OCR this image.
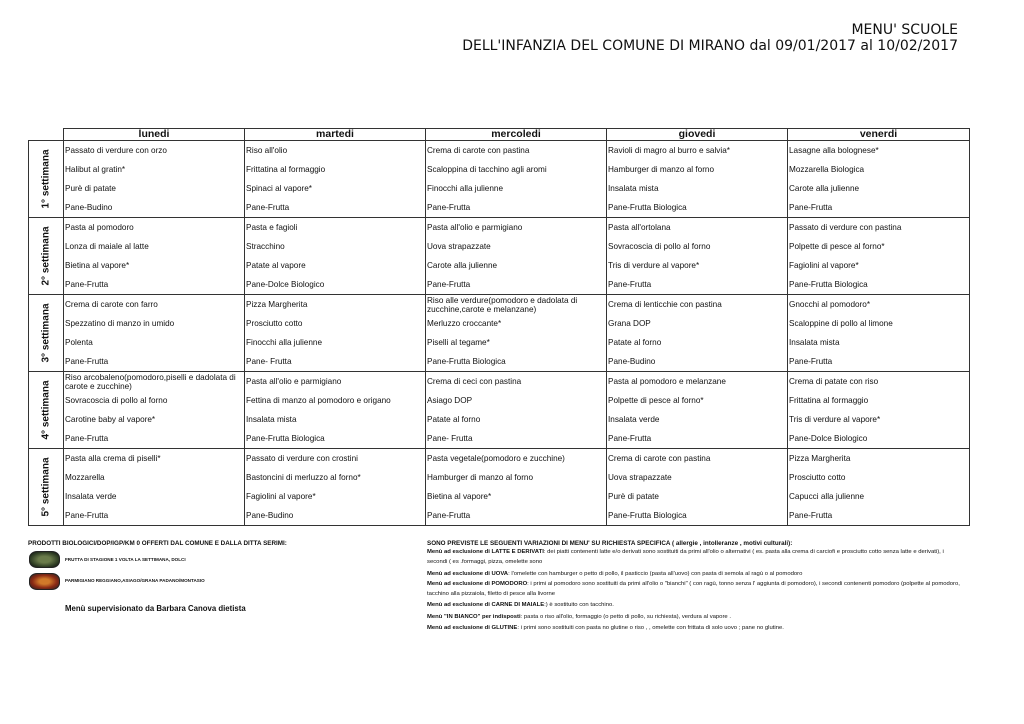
MENU' SCUOLE
DELL'INFANZIA DEL COMUNE DI MIRANO dal 09/01/2017 al 10/02/2017
	lunedi	martedi	mercoledi	giovedi	venerdi

1° settimana	Passato di verdure con orzo	Riso all'olio	Crema di carote con pastina	Ravioli di magro al burro e salvia*	Lasagne alla bolognese*
	Halibut al gratin*	Frittatina al formaggio	Scaloppina di tacchino agli aromi	Hamburger di manzo al forno	Mozzarella Biologica
	Purè di patate	Spinaci al vapore*	Finocchi alla julienne	Insalata mista	Carote alla julienne
	Pane-Budino	Pane-Frutta	Pane-Frutta	Pane-Frutta Biologica	Pane-Frutta

2° settimana	Pasta al pomodoro	Pasta e fagioli	Pasta all'olio e parmigiano	Pasta all'ortolana	Passato di verdure con pastina
	Lonza di maiale al latte	Stracchino	Uova strapazzate	Sovracoscia di pollo al forno	Polpette di pesce al forno*
	Bietina al vapore*	Patate al vapore	Carote alla julienne	Tris di verdure al vapore*	Fagiolini al vapore*
	Pane-Frutta	Pane-Dolce Biologico	Pane-Frutta	Pane-Frutta	Pane-Frutta Biologica

3° settimana	Crema di carote con farro	Pizza Margherita	Riso alle verdure(pomodoro e dadolata di zucchine,carote e melanzane)	Crema di lenticchie con pastina	Gnocchi al pomodoro*
	Spezzatino di manzo in umido	Prosciutto cotto	Merluzzo croccante*	Grana DOP	Scaloppine di pollo al limone
	Polenta	Finocchi alla julienne	Piselli al tegame*	Patate al forno	Insalata mista
	Pane-Frutta	Pane- Frutta	Pane-Frutta Biologica	Pane-Budino	Pane-Frutta

4° settimana	Riso arcobaleno(pomodoro,piselli e dadolata di carote e zucchine)	Pasta all'olio e parmigiano	Crema di ceci con pastina	Pasta al pomodoro e melanzane	Crema di patate con riso
	Sovracoscia di pollo al forno	Fettina di manzo al pomodoro e origano	Asiago DOP	Polpette di pesce al forno*	Frittatina al formaggio
	Carotine baby al vapore*	Insalata mista	Patate al forno	Insalata verde	Tris di verdure al vapore*
	Pane-Frutta	Pane-Frutta Biologica	Pane- Frutta	Pane-Frutta	Pane-Dolce Biologico

5° settimana	Pasta alla crema di piselli*	Passato di verdure con crostini	Pasta vegetale(pomodoro e zucchine)	Crema di carote con pastina	Pizza Margherita
	Mozzarella	Bastoncini di merluzzo al forno*	Hamburger di manzo al forno	Uova strapazzate	Prosciutto cotto
	Insalata verde	Fagiolini al vapore*	Bietina al vapore*	Purè di patate	Capucci alla julienne
	Pane-Frutta	Pane-Budino	Pane-Frutta	Pane-Frutta Biologica	Pane-Frutta
PRODOTTI BIOLOGICI/DOP/IGP/KM 0 OFFERTI DAL COMUNE E DALLA DITTA SERIMI:
FRUTTA DI STAGIONE 1 VOLTA LA SETTIMANA, DOLCI
PARMIGIANO REGGIANO,ASIAGO/GRANA PADANO/MONTASIO
Menù supervisionato da Barbara Canova dietista
SONO PREVISTE LE SEGUENTI VARIAZIONI DI MENU' SU RICHIESTA SPECIFICA ( allergie , intolleranze , motivi culturali):
Menù ad esclusione di LATTE E DERIVATI: dei piatti contenenti latte e/o derivati sono sostituiti da primi all'olio o alternativi ( es. pasta alla crema di carciofi e prosciutto cotto senza latte e derivati), i secondi ( es .formaggi, pizza, omelette sono
Menù ad esclusione di UOVA: l'omelette con hamburger o petto di pollo, il pasticcio (pasta all'uovo) con pasta di semola al ragù o al pomodoro
Menù ad esclusione di POMODORO: i primi al pomodoro sono sostituiti da primi all'olio o "bianchi" ( con ragù, tonno senza l' aggiunta di pomodoro), i secondi contenenti pomodoro (polpette al pomodoro, tacchino alla pizzaiola, filetto di pesce alla livorne
Menù ad esclusione di CARNE DI MAIALE:) è sostituito con tacchino.
Menù "IN BIANCO" per indisposti: pasta o riso all'olio, formaggio (o petto di pollo, su richiesta), verdura al vapore .
Menù ad esclusione di GLUTINE: i primi sono sostituiti con pasta no glutine o riso , , omelette con frittata di solo uovo ; pane no glutine.
